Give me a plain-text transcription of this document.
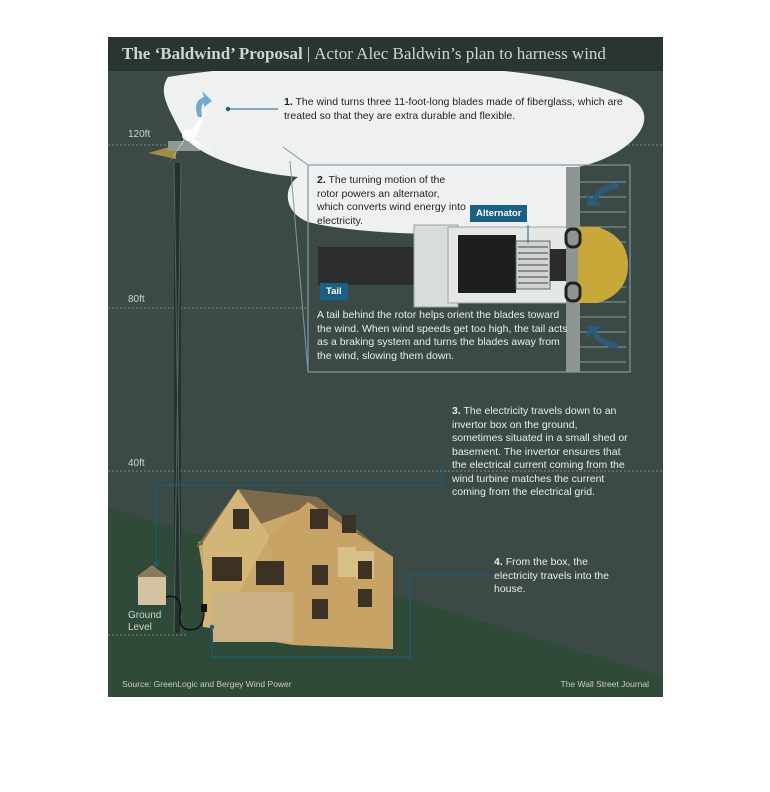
The ‘Baldwind’ Proposal | Actor Alec Baldwin’s plan to harness wind
120ft
80ft
40ft
Ground Level
1. The wind turns three 11-foot-long blades made of fiberglass, which are treated so that they are extra durable and flexible.
2. The turning motion of the rotor powers an alternator, which converts wind energy into electricity.
Alternator
Tail
A tail behind the rotor helps orient the blades toward the wind. When wind speeds get too high, the tail acts as a braking system and turns the blades away from the wind, slowing them down.
3. The electricity travels down to an invertor box on the ground, sometimes situated in a small shed or basement. The invertor ensures that the electrical current coming from the wind turbine matches the current coming from the electrical grid.
4. From the box, the electricity travels into the house.
Source: GreenLogic and Bergey Wind Power	The Wall Street Journal
